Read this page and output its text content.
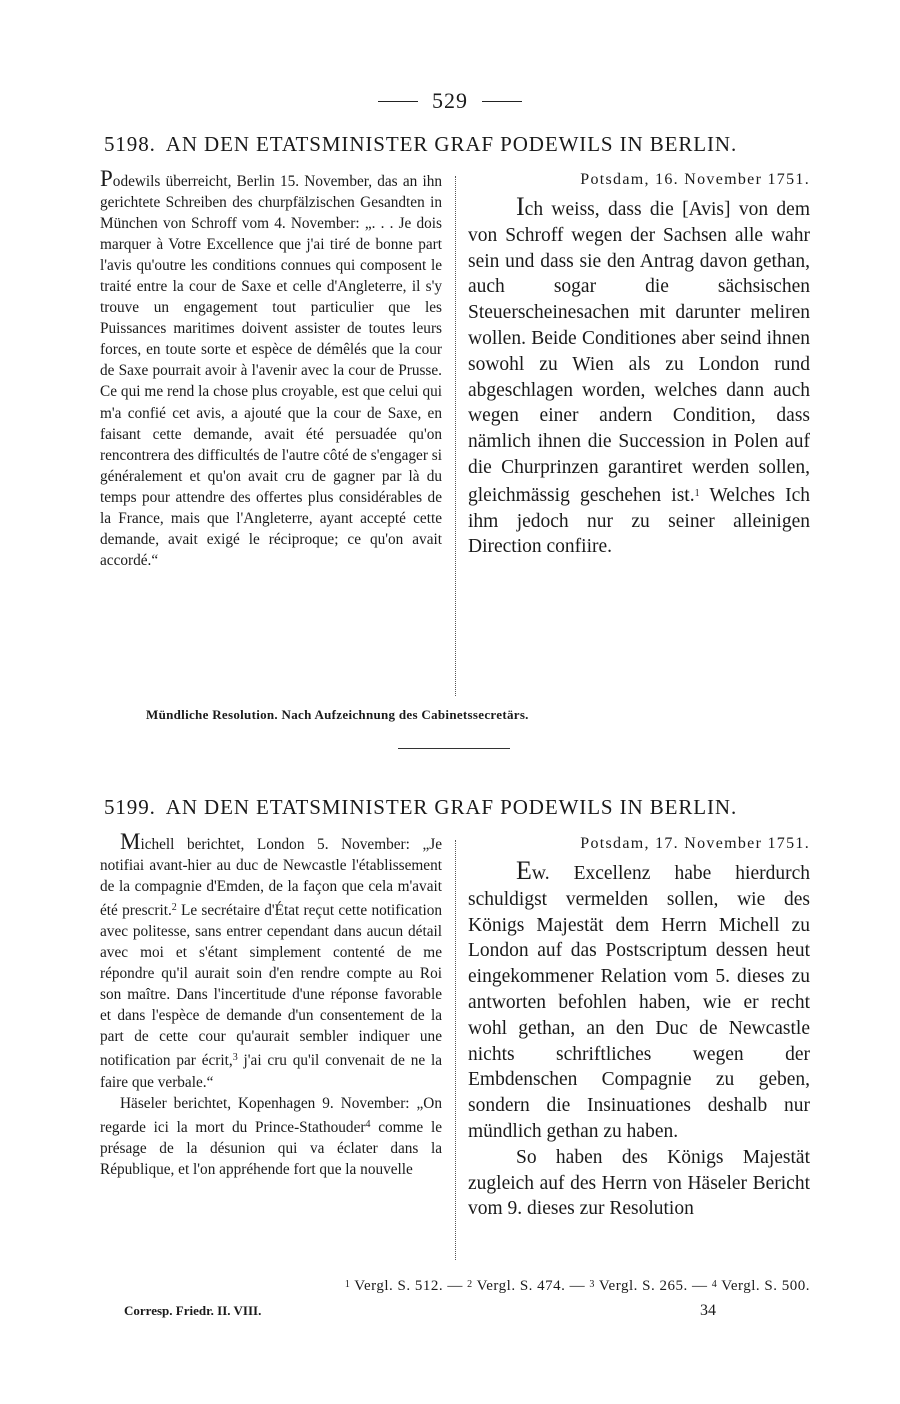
529
5198. AN DEN ETATSMINISTER GRAF PODEWILS IN BERLIN.

Podewils überreicht, Berlin 15. November, das an ihn gerichtete Schreiben des churpfälzischen Gesandten in München von Schroff vom 4. November: „. . . Je dois marquer à Votre Excellence que j'ai tiré de bonne part l'avis qu'outre les conditions connues qui composent le traité entre la cour de Saxe et celle d'Angleterre, il s'y trouve un engagement tout particulier que les Puissances maritimes doivent assister de toutes leurs forces, en toute sorte et espèce de démêlés que la cour de Saxe pourrait avoir à l'avenir avec la cour de Prusse. Ce qui me rend la chose plus croyable, est que celui qui m'a confié cet avis, a ajouté que la cour de Saxe, en faisant cette demande, avait été persuadée qu'on rencontrera des difficultés de l'autre côté de s'engager si généralement et qu'on avait cru de gagner par là du temps pour attendre des offertes plus considérables de la France, mais que l'Angleterre, ayant accepté cette demande, avait exigé le réciproque; ce qu'on avait accordé.“

Potsdam, 16. November 1751.

Ich weiss, dass die [Avis] von dem von Schroff wegen der Sachsen alle wahr sein und dass sie den Antrag davon gethan, auch sogar die sächsischen Steuerscheinesachen mit darunter meliren wollen. Beide Conditiones aber seind ihnen sowohl zu Wien als zu London rund abgeschlagen worden, welches dann auch wegen einer andern Condition, dass nämlich ihnen die Succession in Polen auf die Churprinzen garantiret werden sollen, gleichmässig geschehen ist.$^1$ Welches Ich ihm jedoch nur zu seiner alleinigen Direction confiire.

Mündliche Resolution. Nach Aufzeichnung des Cabinetssecretärs.
5199. AN DEN ETATSMINISTER GRAF PODEWILS IN BERLIN.

Michell berichtet, London 5. November: „Je notifiai avant-hier au duc de Newcastle l'établissement de la compagnie d'Emden, de la façon que cela m'avait été prescrit.$^2$ Le secrétaire d'État reçut cette notification avec politesse, sans entrer cependant dans aucun détail avec moi et s'étant simplement contenté de me répondre qu'il aurait soin d'en rendre compte au Roi son maître. Dans l'incertitude d'une réponse favorable et dans l'espèce de demande d'un consentement de la part de cette cour qu'aurait sembler indiquer une notification par écrit,$^3$ j'ai cru qu'il convenait de ne la faire que verbale.“

Häseler berichtet, Kopenhagen 9. November: „On regarde ici la mort du Prince-Stathouder$^4$ comme le présage de la désunion qui va éclater dans la République, et l'on appréhende fort que la nouvelle

Potsdam, 17. November 1751.

Ew. Excellenz habe hierdurch schuldigst vermelden sollen, wie des Königs Majestät dem Herrn Michell zu London auf das Postscriptum dessen heut eingekommener Relation vom 5. dieses zu antworten befohlen haben, wie er recht wohl gethan, an den Duc de Newcastle nichts schriftliches wegen der Embdenschen Compagnie zu geben, sondern die Insinuationes deshalb nur mündlich gethan zu haben.

So haben des Königs Majestät zugleich auf des Herrn von Häseler Bericht vom 9. dieses zur Resolution

$^1$ Vergl. S. 512. — $^2$ Vergl. S. 474. — $^3$ Vergl. S. 265. — $^4$ Vergl. S. 500.
Corresp. Friedr. II. VIII.	34
